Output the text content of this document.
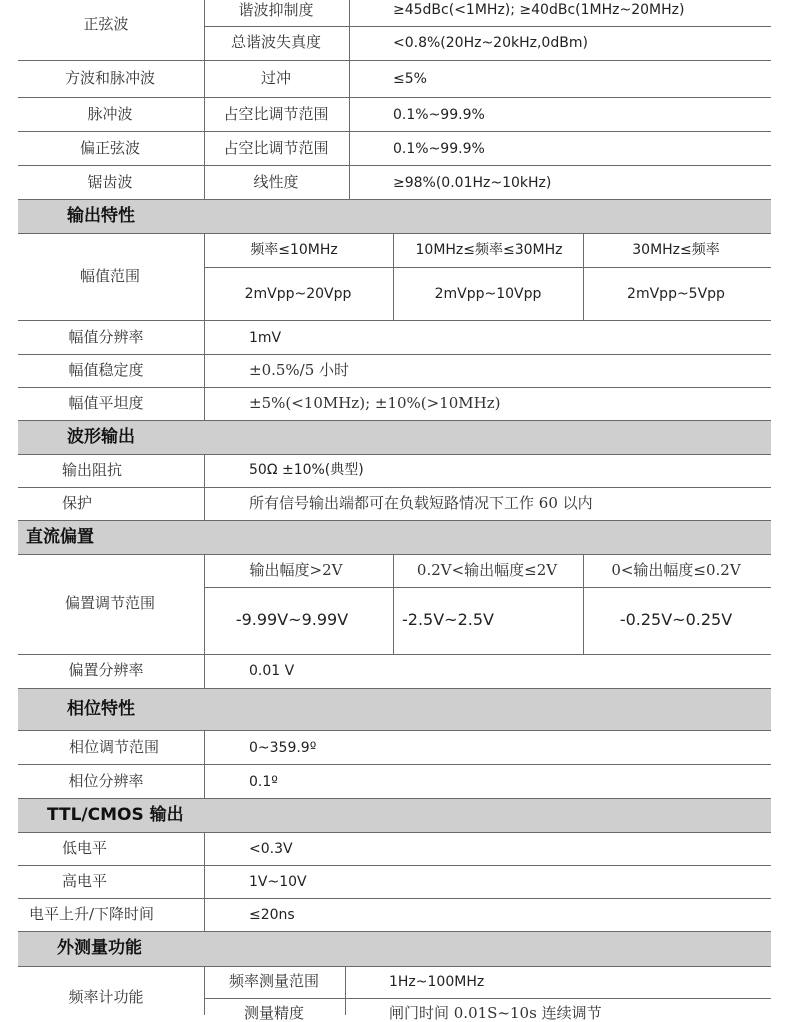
正弦波
谐波抑制度	≥45dBc(<1MHz); ≥40dBc(1MHz~20MHz)
总谐波失真度	<0.8%(20Hz~20kHz,0dBm)
方波和脉冲波	过冲	≤5%
脉冲波	占空比调节范围	0.1%~99.9%
偏正弦波	占空比调节范围	0.1%~99.9%
锯齿波	线性度	≥98%(0.01Hz~10kHz)
输出特性
幅值范围
频率≤10MHz	10MHz≤频率≤30MHz	30MHz≤频率
2mVpp~20Vpp	2mVpp~10Vpp	2mVpp~5Vpp
幅值分辨率	1mV
幅值稳定度	±0.5%/5 小时
幅值平坦度	±5%(<10MHz); ±10%(>10MHz)
波形输出
输出阻抗	50Ω ±10%(典型)
保护	所有信号输出端都可在负载短路情况下工作 60 以内
直流偏置
偏置调节范围
输出幅度>2V	0.2V<输出幅度≤2V	0<输出幅度≤0.2V
-9.99V~9.99V	-2.5V~2.5V	-0.25V~0.25V
偏置分辨率	0.01 V
相位特性
相位调节范围	0~359.9º
相位分辨率	0.1º
TTL/CMOS 输出
低电平	<0.3V
高电平	1V~10V
电平上升/下降时间	≤20ns
外测量功能
频率计功能
频率测量范围	1Hz~100MHz
测量精度	闸门时间 0.01S~10s 连续调节
